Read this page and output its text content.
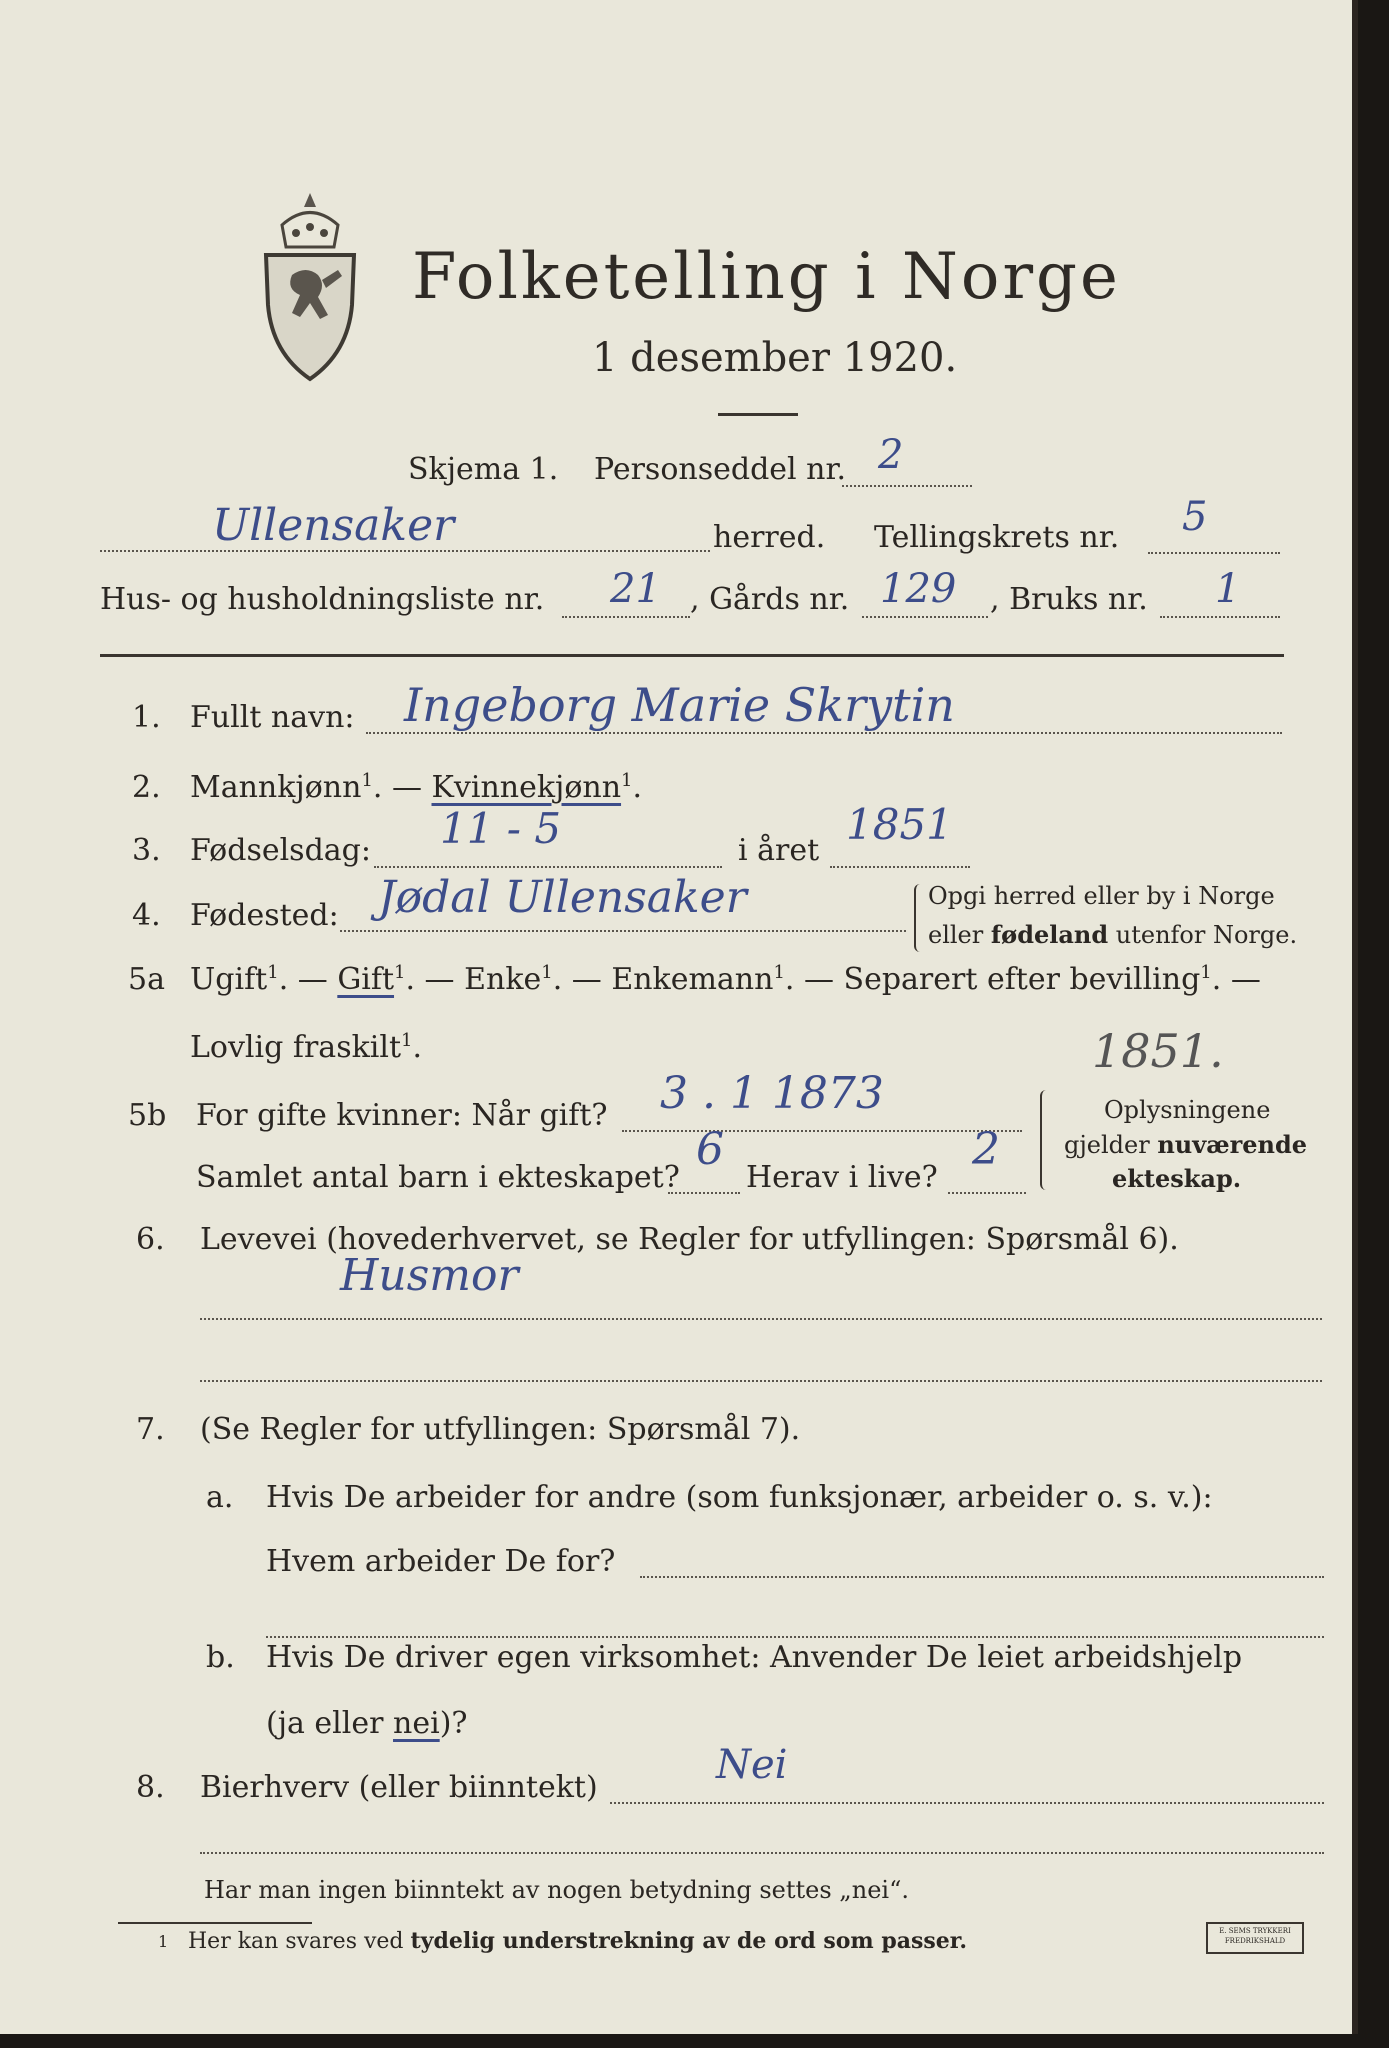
Folketelling i Norge
1 desember 1920.
Skjema 1. Personseddel nr. 2
Ullensaker	herred. Tellingskrets nr. 5
Hus- og husholdningsliste nr. 21 , Gårds nr. 129 , Bruks nr. 1
1. Fullt navn: Ingeborg Marie Skrytin
2. Mannkjønn$^1$. — Kvinnekjønn$^1$.
3. Fødselsdag: 11 - 5	i året
1851
4. Fødested: Jødal Ullensaker	Opgi herred eller by i Norge
eller fødeland utenfor Norge.
5a Ugift$^1$. — Gift$^1$. — Enke$^1$. — Enkemann$^1$. — Separert efter bevilling$^1$. —
Lovlig fraskilt$^1$.	1851.
5b For gifte kvinner: Når gift? 3 . 1 1873
Samlet antal barn i ekteskapet?
6
Herav i live?
2
Oplysningene
gjelder nuværende
ekteskap.
6. Levevei (hovederhvervet, se Regler for utfyllingen: Spørsmål 6).
Husmor
7. (Se Regler for utfyllingen: Spørsmål 7).
a. Hvis De arbeider for andre (som funksjonær, arbeider o. s. v.):
Hvem arbeider De for?
b. Hvis De driver egen virksomhet: Anvender De leiet arbeidshjelp
(ja eller nei)?
8. Bierhverv (eller biinntekt)	Nei
Har man ingen biinntekt av nogen betydning settes „nei“.
1 Her kan svares ved tydelig understrekning av de ord som passer.	E. SEMS TRYKKERI
FREDRIKSHALD
